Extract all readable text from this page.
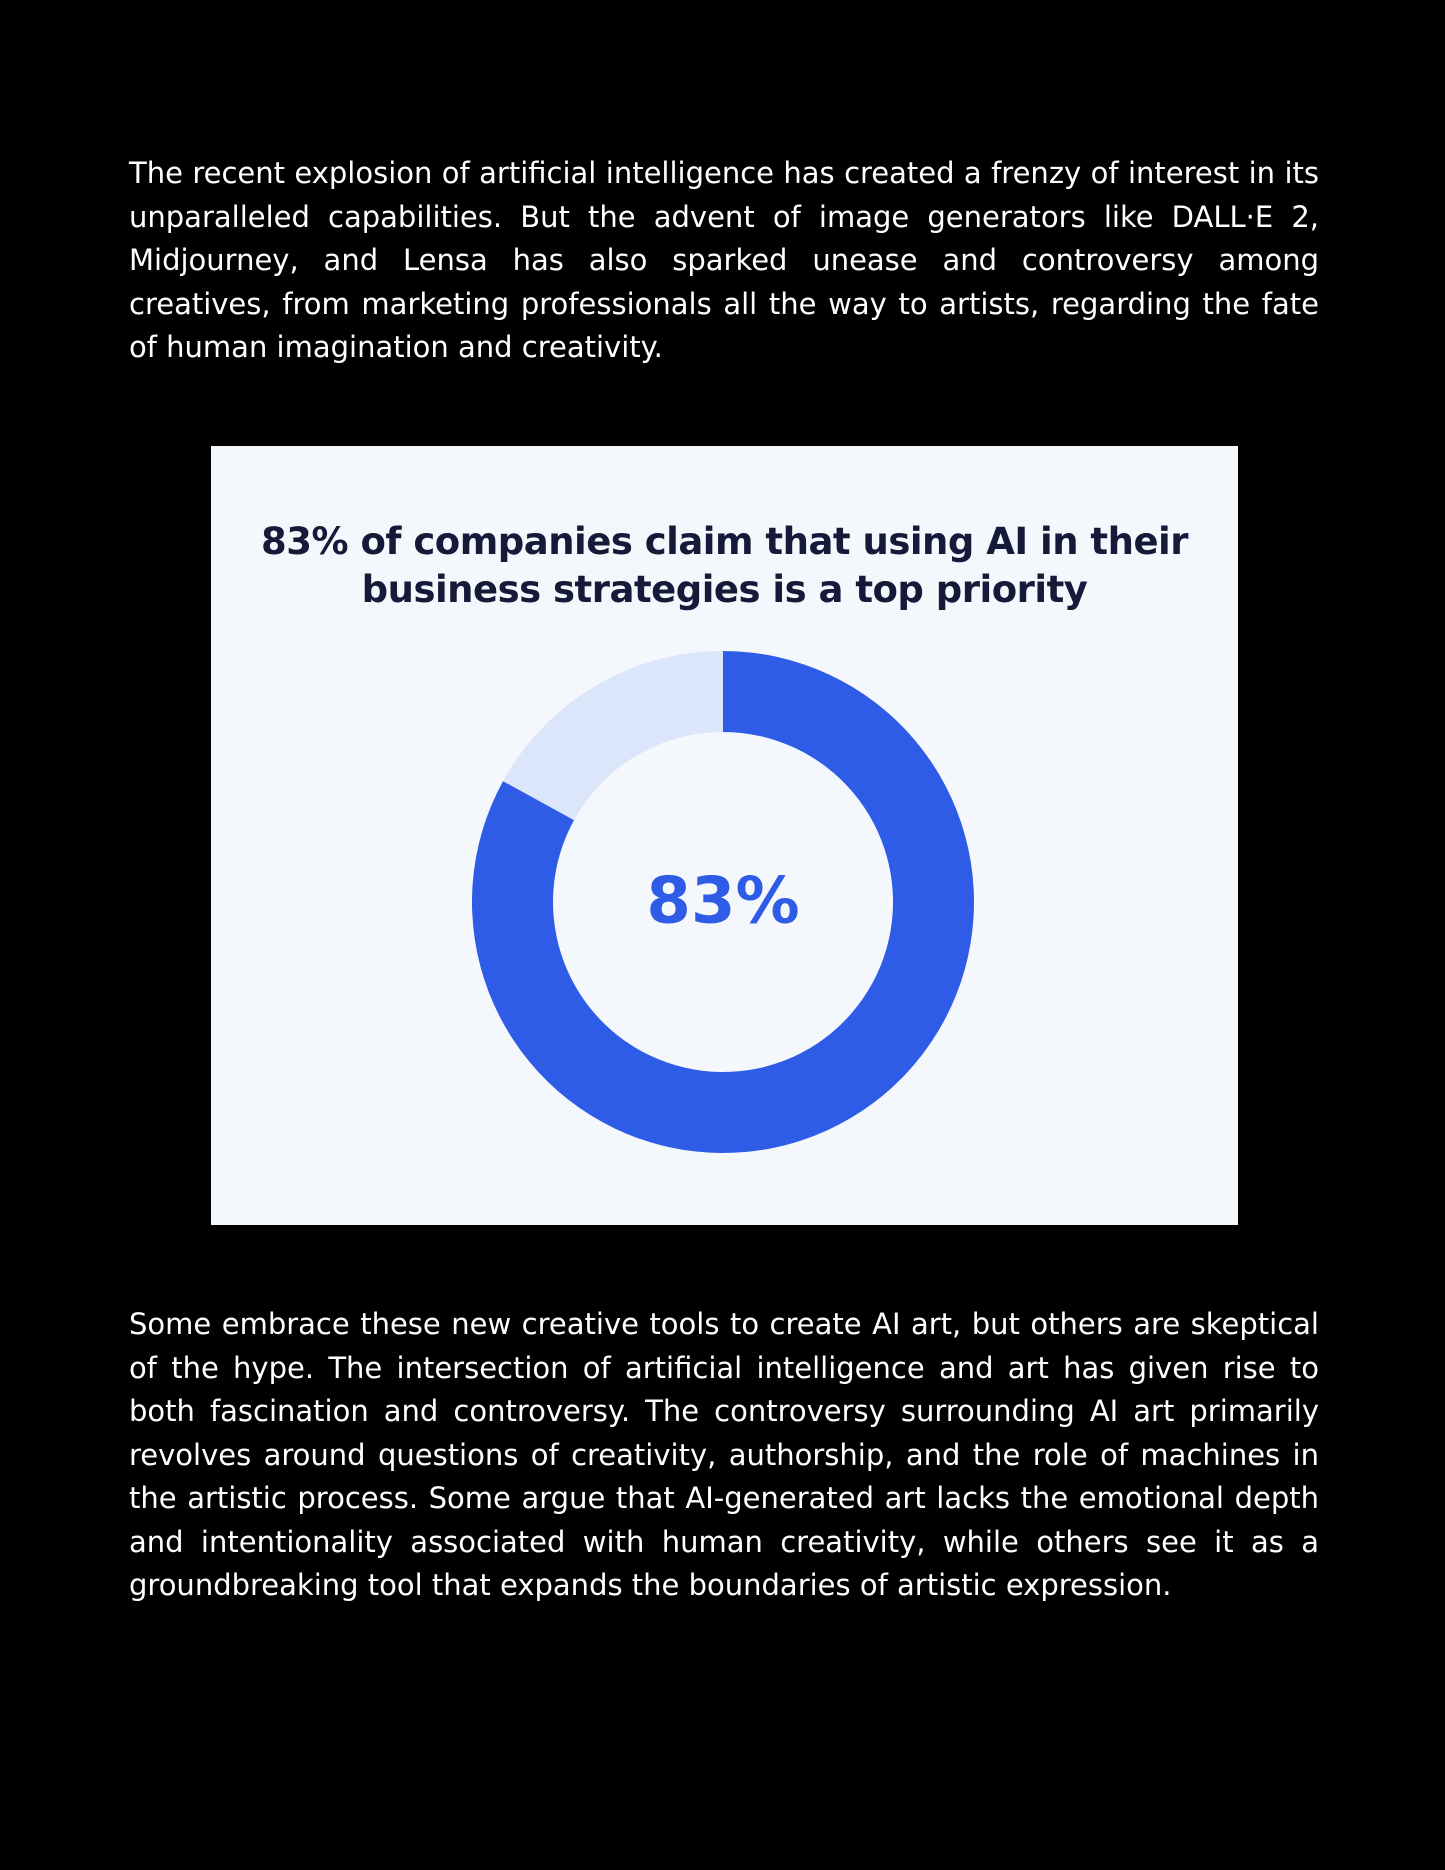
The recent explosion of artificial intelligence has created a frenzy of interest in its unparalleled capabilities. But the advent of image generators like DALL·E 2, Midjourney, and Lensa has also sparked unease and controversy among creatives, from marketing professionals all the way to artists, regarding the fate of human imagination and creativity.

83% of companies claim that using AI in their
business strategies is a top priority
83%

Some embrace these new creative tools to create AI art, but others are skeptical of the hype. The intersection of artificial intelligence and art has given rise to both fascination and controversy. The controversy surrounding AI art primarily revolves around questions of creativity, authorship, and the role of machines in the artistic process. Some argue that AI-generated art lacks the emotional depth and intentionality associated with human creativity, while others see it as a groundbreaking tool that expands the boundaries of artistic expression.
